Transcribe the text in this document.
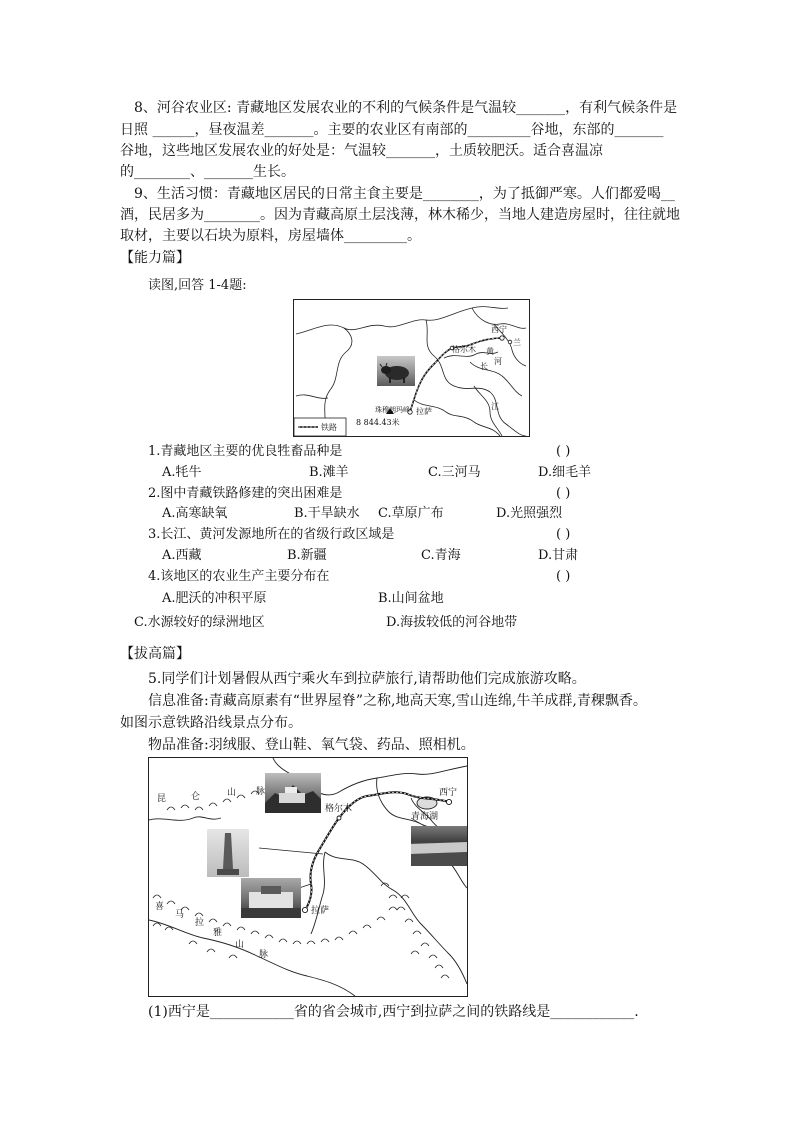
8、河谷农业区: 青藏地区发展农业的不利的气候条件是气温较_______，有利气候条件是
日照 ______，昼夜温差_______。主要的农业区有南部的_________谷地，东部的_______
谷地，这些地区发展农业的好处是：气温较_______，土质较肥沃。适合喜温凉
的________、_______生长。
9、生活习惯：青藏地区居民的日常主食主要是________，为了抵御严寒。人们都爱喝__
酒，民居多为________。因为青藏高原土层浅薄，林木稀少，当地人建造房屋时，往往就地
取材，主要以石块为原料，房屋墙体_________。
【能力篇】
读图,回答 1-4题:
西宁
兰
格尔木 黄
河
长
江
拉萨
珠穆朗玛峰
8 844.43米
铁路
1.青藏地区主要的优良牲畜品种是	( )
A.牦牛	B.滩羊	C.三河马	D.细毛羊
2.图中青藏铁路修建的突出困难是	( )
A.高寒缺氧	B.干旱缺水 C.草原广布	D.光照强烈
3.长江、黄河发源地所在的省级行政区域是	( )
A.西藏	B.新疆	C.青海	D.甘肃
4.该地区的农业生产主要分布在	( )
A.肥沃的冲积平原	B.山间盆地
C.水源较好的绿洲地区	D.海拔较低的河谷地带
【拔高篇】
5.同学们计划暑假从西宁乘火车到拉萨旅行,请帮助他们完成旅游攻略。
信息准备:青藏高原素有“世界屋脊”之称,地高天寒,雪山连绵,牛羊成群,青稞飘香。
如图示意铁路沿线景点分布。
物品准备:羽绒服、登山鞋、氧气袋、药品、照相机。
昆	仑	山 脉
格尔木
西宁
青海湖
拉萨
喜
马
拉
雅
山
脉
(1)西宁是____________省的省会城市,西宁到拉萨之间的铁路线是____________.
